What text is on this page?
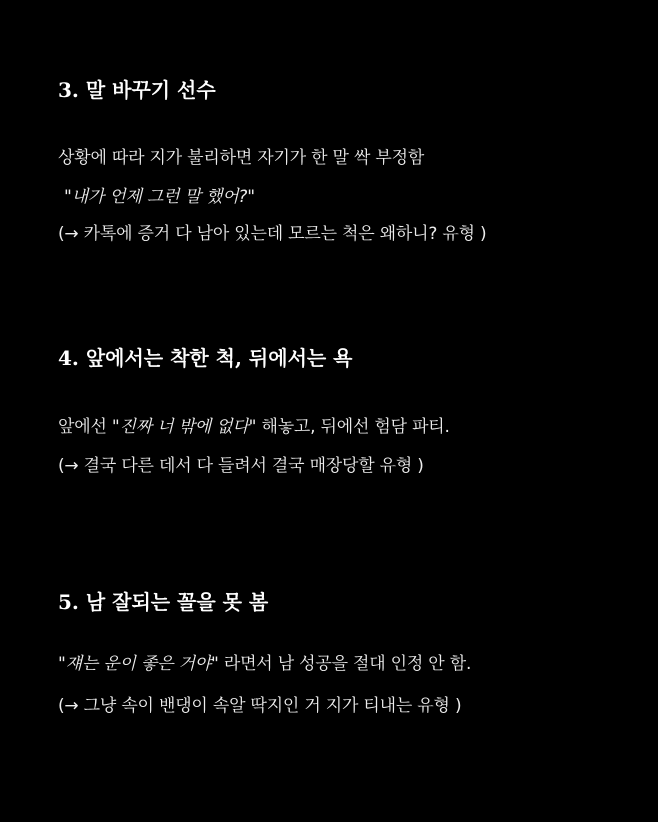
3. 말 바꾸기 선수

상황에 따라 지가 불리하면 자기가 한 말 싹 부정함

"내가 언제 그런 말 했어?"

(→ 카톡에 증거 다 남아 있는데 모르는 척은 왜하니? 유형 )

4. 앞에서는 착한 척, 뒤에서는 욕

앞에선 "진짜 너 밖에 없다" 해놓고, 뒤에선 험담 파티.

(→ 결국 다른 데서 다 들려서 결국 매장당할 유형 )

5. 남 잘되는 꼴을 못 봄

"쟤는 운이 좋은 거야" 라면서 남 성공을 절대 인정 안 함.

(→ 그냥 속이 밴댕이 속알 딱지인 거 지가 티내는 유형 )
